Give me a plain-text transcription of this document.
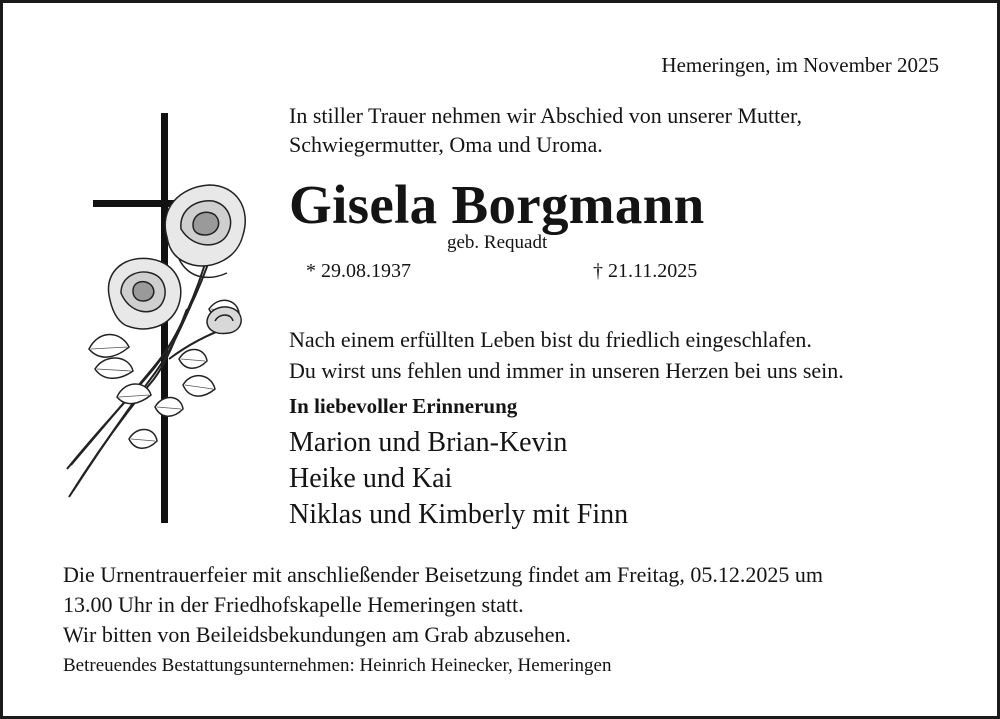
Hemeringen, im November 2025
In stiller Trauer nehmen wir Abschied von unserer Mutter,
Schwiegermutter, Oma und Uroma.
Gisela Borgmann
geb. Requadt
* 29.08.1937	† 21.11.2025
Nach einem erfüllten Leben bist du friedlich eingeschlafen.
Du wirst uns fehlen und immer in unseren Herzen bei uns sein.
In liebevoller Erinnerung
Marion und Brian-Kevin
Heike und Kai
Niklas und Kimberly mit Finn
Die Urnentrauerfeier mit anschließender Beisetzung findet am Freitag, 05.12.2025 um
13.00 Uhr in der Friedhofskapelle Hemeringen statt.
Wir bitten von Beileidsbekundungen am Grab abzusehen.
Betreuendes Bestattungsunternehmen: Heinrich Heinecker, Hemeringen
